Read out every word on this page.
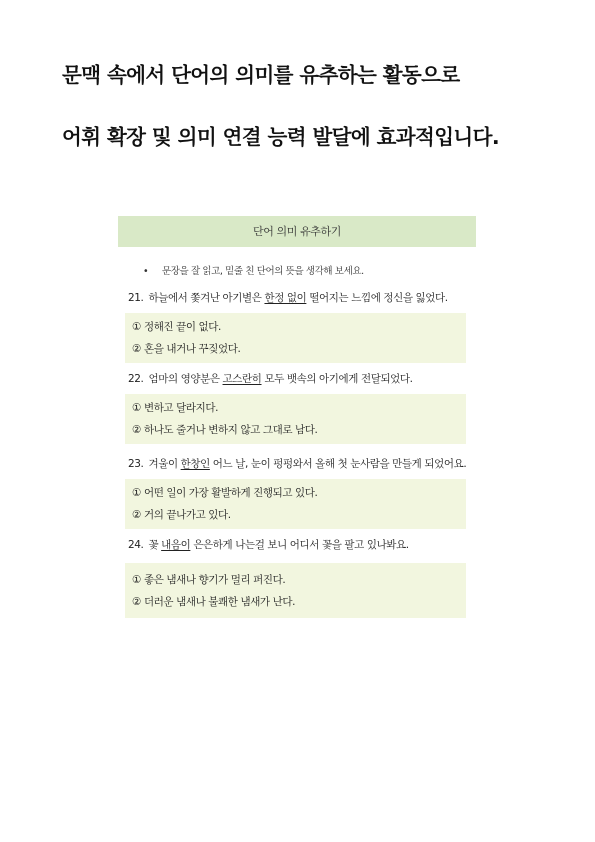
문맥 속에서 단어의 의미를 유추하는 활동으로
어휘 확장 및 의미 연결 능력 발달에 효과적입니다.
단어 의미 유추하기
• 문장을 잘 읽고, 밑줄 친 단어의 뜻을 생각해 보세요.
21. 하늘에서 쫓겨난 아기별은 한정 없이 떨어지는 느낌에 정신을 잃었다.
① 정해진 끝이 없다.
② 혼을 내거나 꾸짖었다.
22. 엄마의 영양분은 고스란히 모두 뱃속의 아기에게 전달되었다.
① 변하고 달라지다.
② 하나도 줄거나 변하지 않고 그대로 남다.
23. 겨울이 한창인 어느 날, 눈이 펑펑와서 올해 첫 눈사람을 만들게 되었어요.
① 어떤 일이 가장 활발하게 진행되고 있다.
② 거의 끝나가고 있다.
24. 꽃 내음이 은은하게 나는걸 보니 어디서 꽃을 팔고 있나봐요.
① 좋은 냄새나 향기가 멀리 퍼진다.
② 더러운 냄새나 불쾌한 냄새가 난다.
